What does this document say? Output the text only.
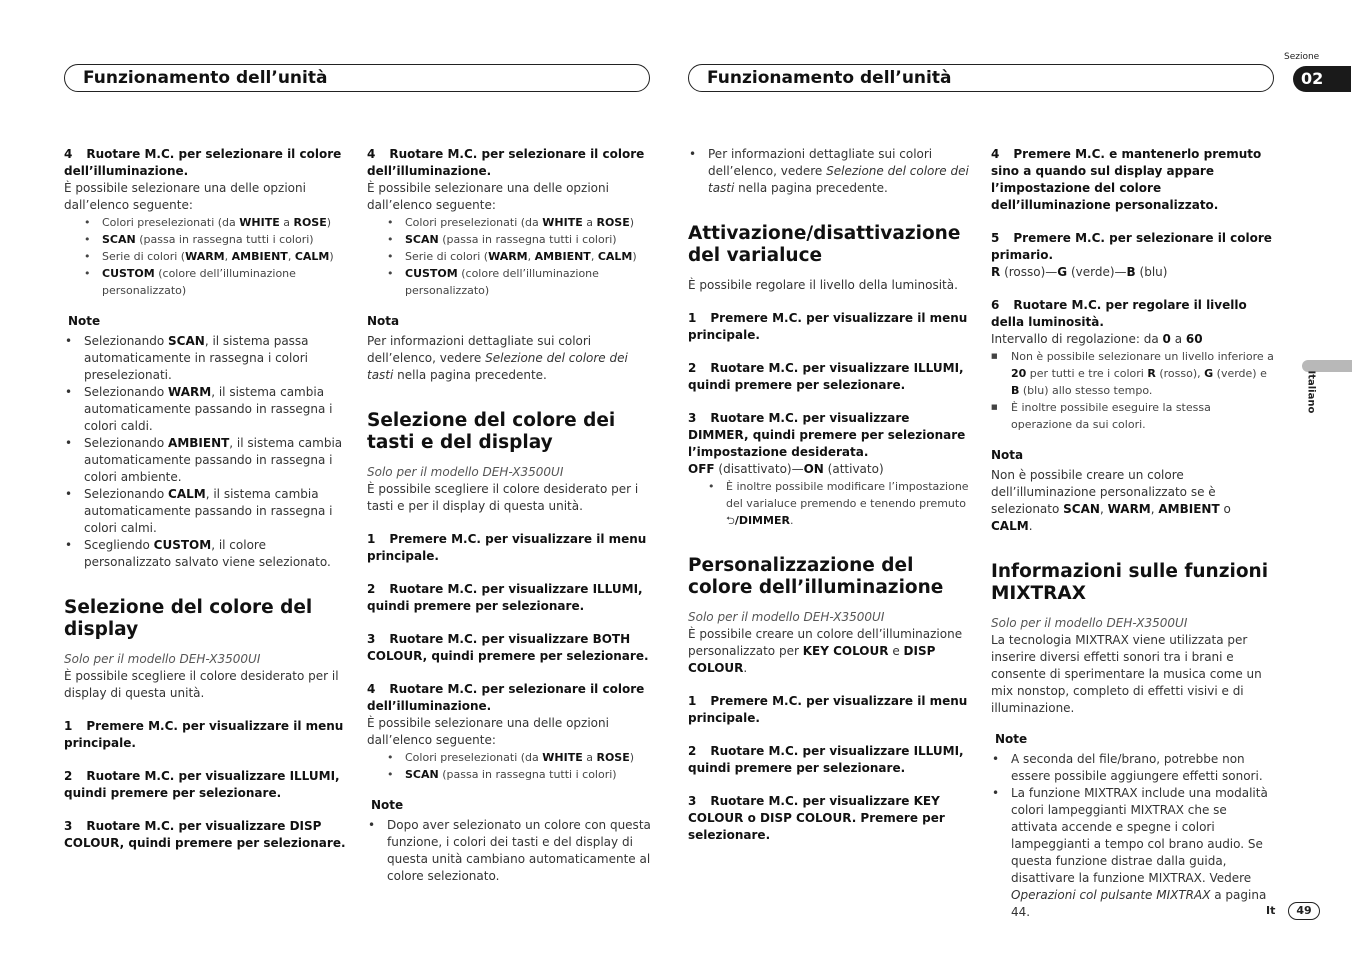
Funzionamento dell’unità	Funzionamento dell’unità
Sezione
02
Italiano

4 Ruotare M.C. per selezionare il colore dell’illuminazione.

È possibile selezionare una delle opzioni dall’elenco seguente:

• Colori preselezionati (da WHITE a ROSE)
• SCAN (passa in rassegna tutti i colori)
• Serie di colori (WARM, AMBIENT, CALM)
• CUSTOM (colore dell’illuminazione personalizzato)

Note

• Selezionando SCAN, il sistema passa automaticamente in rassegna i colori preselezionati.
• Selezionando WARM, il sistema cambia automaticamente passando in rassegna i colori caldi.
• Selezionando AMBIENT, il sistema cambia automaticamente passando in rassegna i colori ambiente.
• Selezionando CALM, il sistema cambia automaticamente passando in rassegna i colori calmi.
• Scegliendo CUSTOM, il colore personalizzato salvato viene selezionato.

Selezione del colore del display

Solo per il modello DEH-X3500UI

È possibile scegliere il colore desiderato per il display di questa unità.

1 Premere M.C. per visualizzare il menu principale.

2 Ruotare M.C. per visualizzare ILLUMI, quindi premere per selezionare.

3 Ruotare M.C. per visualizzare DISP COLOUR, quindi premere per selezionare.

4 Ruotare M.C. per selezionare il colore dell’illuminazione.

È possibile selezionare una delle opzioni dall’elenco seguente:

• Colori preselezionati (da WHITE a ROSE)
• SCAN (passa in rassegna tutti i colori)
• Serie di colori (WARM, AMBIENT, CALM)
• CUSTOM (colore dell’illuminazione personalizzato)

Nota

Per informazioni dettagliate sui colori dell’elenco, vedere Selezione del colore dei tasti nella pagina precedente.

Selezione del colore dei tasti e del display

Solo per il modello DEH-X3500UI

È possibile scegliere il colore desiderato per i tasti e per il display di questa unità.

1 Premere M.C. per visualizzare il menu principale.

2 Ruotare M.C. per visualizzare ILLUMI, quindi premere per selezionare.

3 Ruotare M.C. per visualizzare BOTH COLOUR, quindi premere per selezionare.

4 Ruotare M.C. per selezionare il colore dell’illuminazione.

È possibile selezionare una delle opzioni dall’elenco seguente:

• Colori preselezionati (da WHITE a ROSE)
• SCAN (passa in rassegna tutti i colori)

Note

• Dopo aver selezionato un colore con questa funzione, i colori dei tasti e del display di questa unità cambiano automaticamente al colore selezionato.
• Per informazioni dettagliate sui colori dell’elenco, vedere Selezione del colore dei tasti nella pagina precedente.

Attivazione/disattivazione del varialuce

È possibile regolare il livello della luminosità.

1 Premere M.C. per visualizzare il menu principale.

2 Ruotare M.C. per visualizzare ILLUMI, quindi premere per selezionare.

3 Ruotare M.C. per visualizzare DIMMER, quindi premere per selezionare l’impostazione desiderata.

OFF (disattivato)—ON (attivato)

• È inoltre possibile modificare l’impostazione del varialuce premendo e tenendo premuto ⮌/DIMMER.

Personalizzazione del colore dell’illuminazione

Solo per il modello DEH-X3500UI

È possibile creare un colore dell’illuminazione personalizzato per KEY COLOUR e DISP COLOUR.

1 Premere M.C. per visualizzare il menu principale.

2 Ruotare M.C. per visualizzare ILLUMI, quindi premere per selezionare.

3 Ruotare M.C. per visualizzare KEY COLOUR o DISP COLOUR. Premere per selezionare.

4 Premere M.C. e mantenerlo premuto sino a quando sul display appare l’impostazione del colore dell’illuminazione personalizzato.

5 Premere M.C. per selezionare il colore primario.

R (rosso)—G (verde)—B (blu)

6 Ruotare M.C. per regolare il livello della luminosità.

Intervallo di regolazione: da 0 a 60

■ Non è possibile selezionare un livello inferiore a 20 per tutti e tre i colori R (rosso), G (verde) e B (blu) allo stesso tempo.
■ È inoltre possibile eseguire la stessa operazione da sui colori.

Nota

Non è possibile creare un colore dell’illuminazione personalizzato se è selezionato SCAN, WARM, AMBIENT o CALM.

Informazioni sulle funzioni MIXTRAX

Solo per il modello DEH-X3500UI

La tecnologia MIXTRAX viene utilizzata per inserire diversi effetti sonori tra i brani e consente di sperimentare la musica come un mix nonstop, completo di effetti visivi e di illuminazione.

Note

• A seconda del file/brano, potrebbe non essere possibile aggiungere effetti sonori.
• La funzione MIXTRAX include una modalità colori lampeggianti MIXTRAX che se attivata accende e spegne i colori lampeggianti a tempo col brano audio. Se questa funzione distrae dalla guida, disattivare la funzione MIXTRAX. Vedere Operazioni col pulsante MIXTRAX a pagina 44.	It	49
